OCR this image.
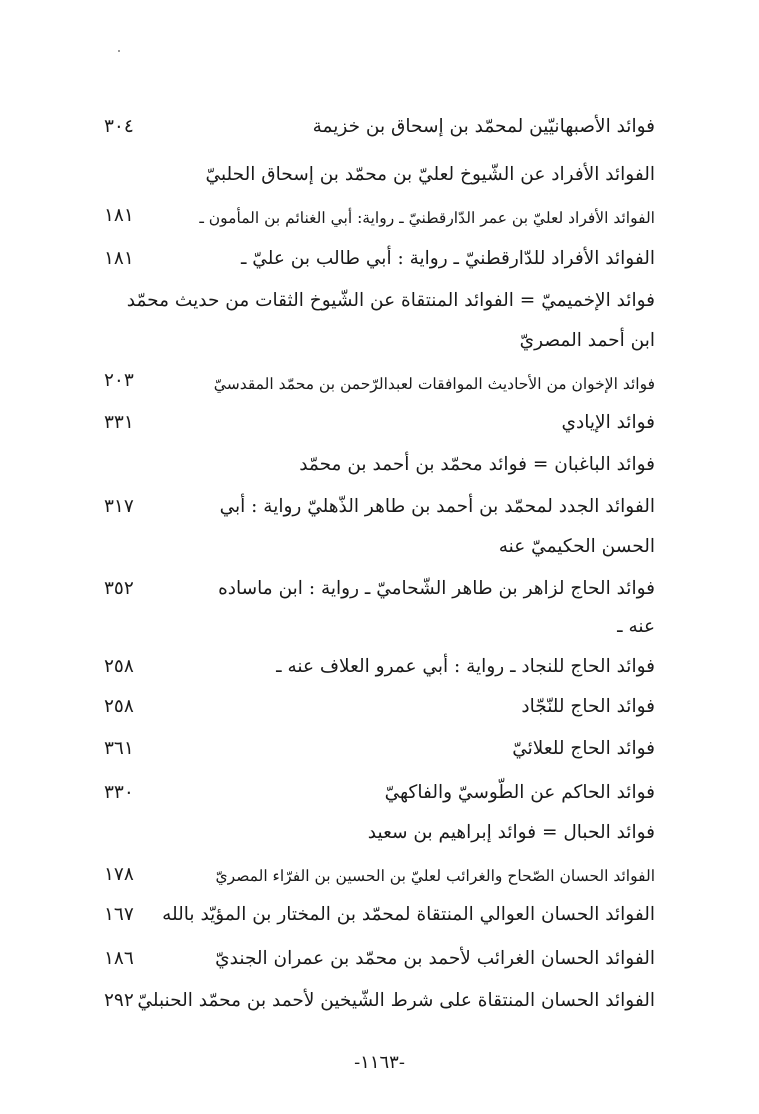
فوائد الأصبهانيّين لمحمّد بن إسحاق بن خزيمة
٣٠٤
الفوائد الأفراد عن الشّيوخ لعليّ بن محمّد بن إسحاق الحلبيّ
الفوائد الأفراد لعليّ بن عمر الدّارقطنيّ ـ رواية: أبي الغنائم بن المأمون ـ
١٨١
الفوائد الأفراد للدّارقطنيّ ـ رواية : أبي طالب بن عليّ ـ
١٨١
فوائد الإخميميّ = الفوائد المنتقاة عن الشّيوخ الثقات من حديث محمّد
ابن أحمد المصريّ
فوائد الإخوان من الأحاديث الموافقات لعبدالرّحمن بن محمّد المقدسيّ
٢٠٣
فوائد الإيادي
٣٣١
فوائد الباغبان = فوائد محمّد بن أحمد بن محمّد
الفوائد الجدد لمحمّد بن أحمد بن طاهر الذّهليّ رواية : أبي
٣١٧
الحسن الحكيميّ عنه
فوائد الحاج لزاهر بن طاهر الشّحاميّ ـ رواية : ابن ماساده
٣٥٢
عنه ـ
فوائد الحاج للنجاد ـ رواية : أبي عمرو العلاف عنه ـ
٢٥٨
فوائد الحاج للنّجّاد
٢٥٨
فوائد الحاج للعلائيّ
٣٦١
فوائد الحاكم عن الطّوسيّ والفاكهيّ
٣٣٠
فوائد الحبال = فوائد إبراهيم بن سعيد
الفوائد الحسان الصّحاح والغرائب لعليّ بن الحسين بن الفرّاء المصريّ
١٧٨
الفوائد الحسان العوالي المنتقاة لمحمّد بن المختار بن المؤيّد بالله
١٦٧
الفوائد الحسان الغرائب لأحمد بن محمّد بن عمران الجنديّ
١٨٦
الفوائد الحسان المنتقاة على شرط الشّيخين لأحمد بن محمّد الحنبليّ
٢٩٢
-١١٦٣-
